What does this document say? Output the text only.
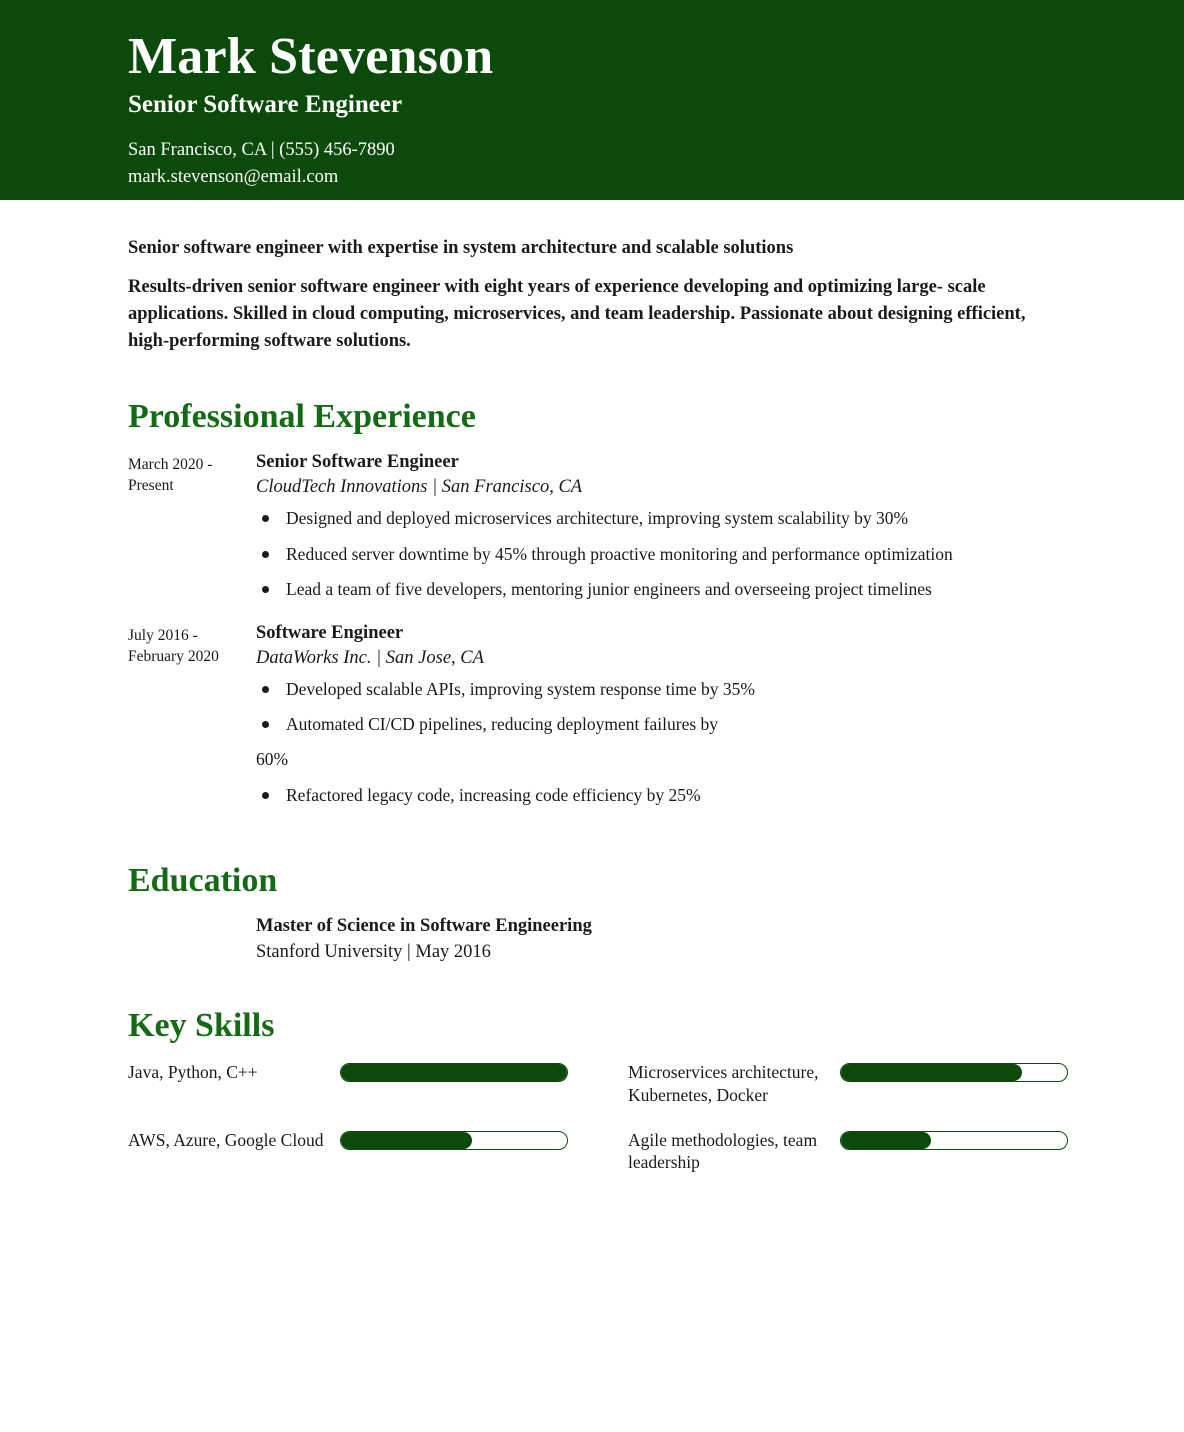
Mark Stevenson
Senior Software Engineer
San Francisco, CA | (555) 456-7890
mark.stevenson@email.com
GitHub | Portfolio
Senior software engineer with expertise in system architecture and scalable solutions

Results-driven senior software engineer with eight years of experience developing and optimizing large- scale applications. Skilled in cloud computing, microservices, and team leadership. Passionate about designing efficient, high-performing software solutions.

Professional Experience
March 2020 - Present
Senior Software Engineer
CloudTech Innovations | San Francisco, CA
Designed and deployed microservices architecture, improving system scalability by 30%
Reduced server downtime by 45% through proactive monitoring and performance optimization
Lead a team of five developers, mentoring junior engineers and overseeing project timelines
July 2016 - February 2020
Software Engineer
DataWorks Inc. | San Jose, CA
Developed scalable APIs, improving system response time by 35%
Automated CI/CD pipelines, reducing deployment failures by
60%
Refactored legacy code, increasing code efficiency by 25%
Education
Master of Science in Software Engineering
Stanford University | May 2016
Key Skills
Java, Python, C++	Microservices architecture, Kubernetes, Docker
AWS, Azure, Google Cloud	Agile methodologies, team leadership
